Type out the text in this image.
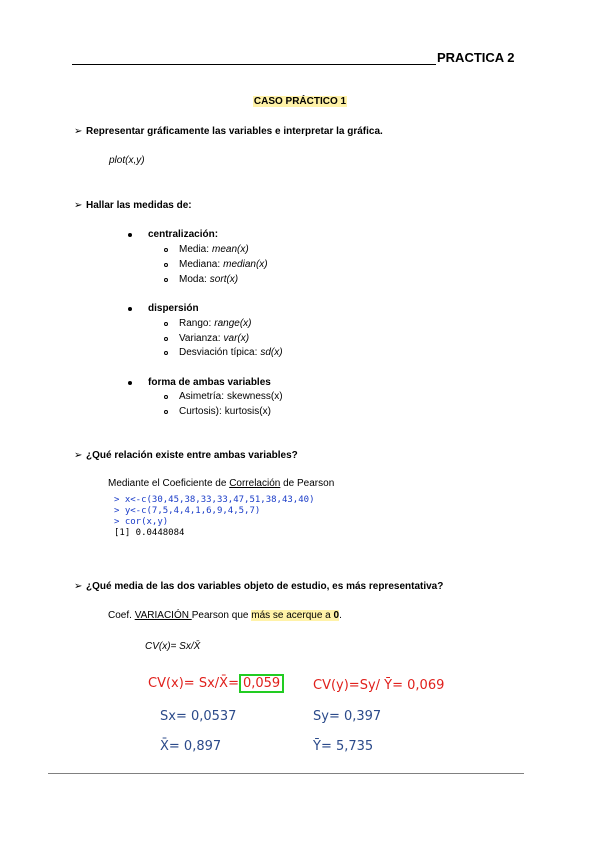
PRACTICA 2
CASO PRÁCTICO 1
➢ Representar gráficamente las variables e interpretar la gráfica.
plot(x,y)
➢ Hallar las medidas de:
centralización:
Media: mean(x)
Mediana: median(x)
Moda: sort(x)
dispersión
Rango: range(x)
Varianza: var(x)
Desviación típica: sd(x)
forma de ambas variables
Asimetría: skewness(x)
Curtosis): kurtosis(x)
➢ ¿Qué relación existe entre ambas variables?
Mediante el Coeficiente de Correlación de Pearson
> x<-c(30,45,38,33,33,47,51,38,43,40)
> y<-c(7,5,4,4,1,6,9,4,5,7)
> cor(x,y)
[1] 0.0448084
➢ ¿Qué media de las dos variables objeto de estudio, es más representativa?
Coef. VARIACIÓN Pearson que más se acerque a 0.
CV(x)= Sx/X̄
CV(x)= Sx/X̄= 0,059	CV(y)=Sy/ Ȳ= 0,069
Sx= 0,0537	Sy= 0,397
X̄= 0,897	Ȳ= 5,735
